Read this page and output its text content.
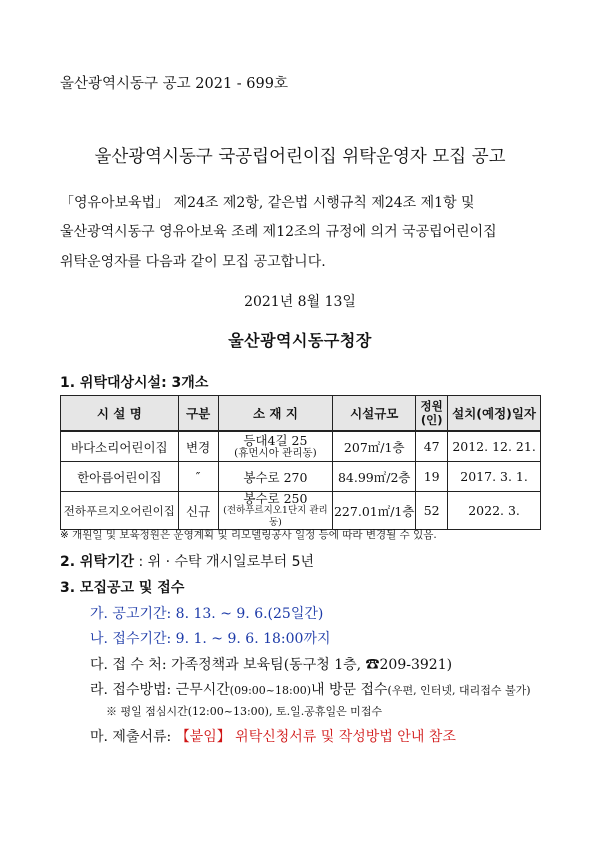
울산광역시동구 공고 2021 - 699호
울산광역시동구 국공립어린이집 위탁운영자 모집 공고
「영유아보육법」 제24조 제2항, 같은법 시행규칙 제24조 제1항 및
울산광역시동구 영유아보육 조례 제12조의 규정에 의거 국공립어린이집
위탁운영자를 다음과 같이 모집 공고합니다.
2021년 8월 13일
울산광역시동구청장
1. 위탁대상시설: 3개소
시 설 명	구분	소 재 지	시설규모	정원(인)	설치(예정)일자
바다소리어린이집	변경	등대4길 25
(휴먼시아 관리동)	207㎡/1층	47	2012. 12. 21.
한아름어린이집	″	봉수로 270	84.99㎡/2층	19	2017. 3. 1.
전하푸르지오어린이집	신규	봉수로 250
(전하푸르지오1단지 관리동)	227.01㎡/1층	52	2022. 3.
※ 개원일 및 보육정원은 운영계획 및 리모델링공사 일정 등에 따라 변경될 수 있음.
2. 위탁기간 : 위 · 수탁 개시일로부터 5년
3. 모집공고 및 접수
가. 공고기간: 8. 13. ~ 9. 6.(25일간)
나. 접수기간: 9. 1. ~ 9. 6. 18:00까지
다. 접 수 처: 가족정책과 보육팀(동구청 1층, ☎209-3921)
라. 접수방법: 근무시간(09:00~18:00)내 방문 접수(우편, 인터넷, 대리접수 불가)
※ 평일 점심시간(12:00~13:00), 토.일.공휴일은 미접수
마. 제출서류: 【붙임】 위탁신청서류 및 작성방법 안내 참조
